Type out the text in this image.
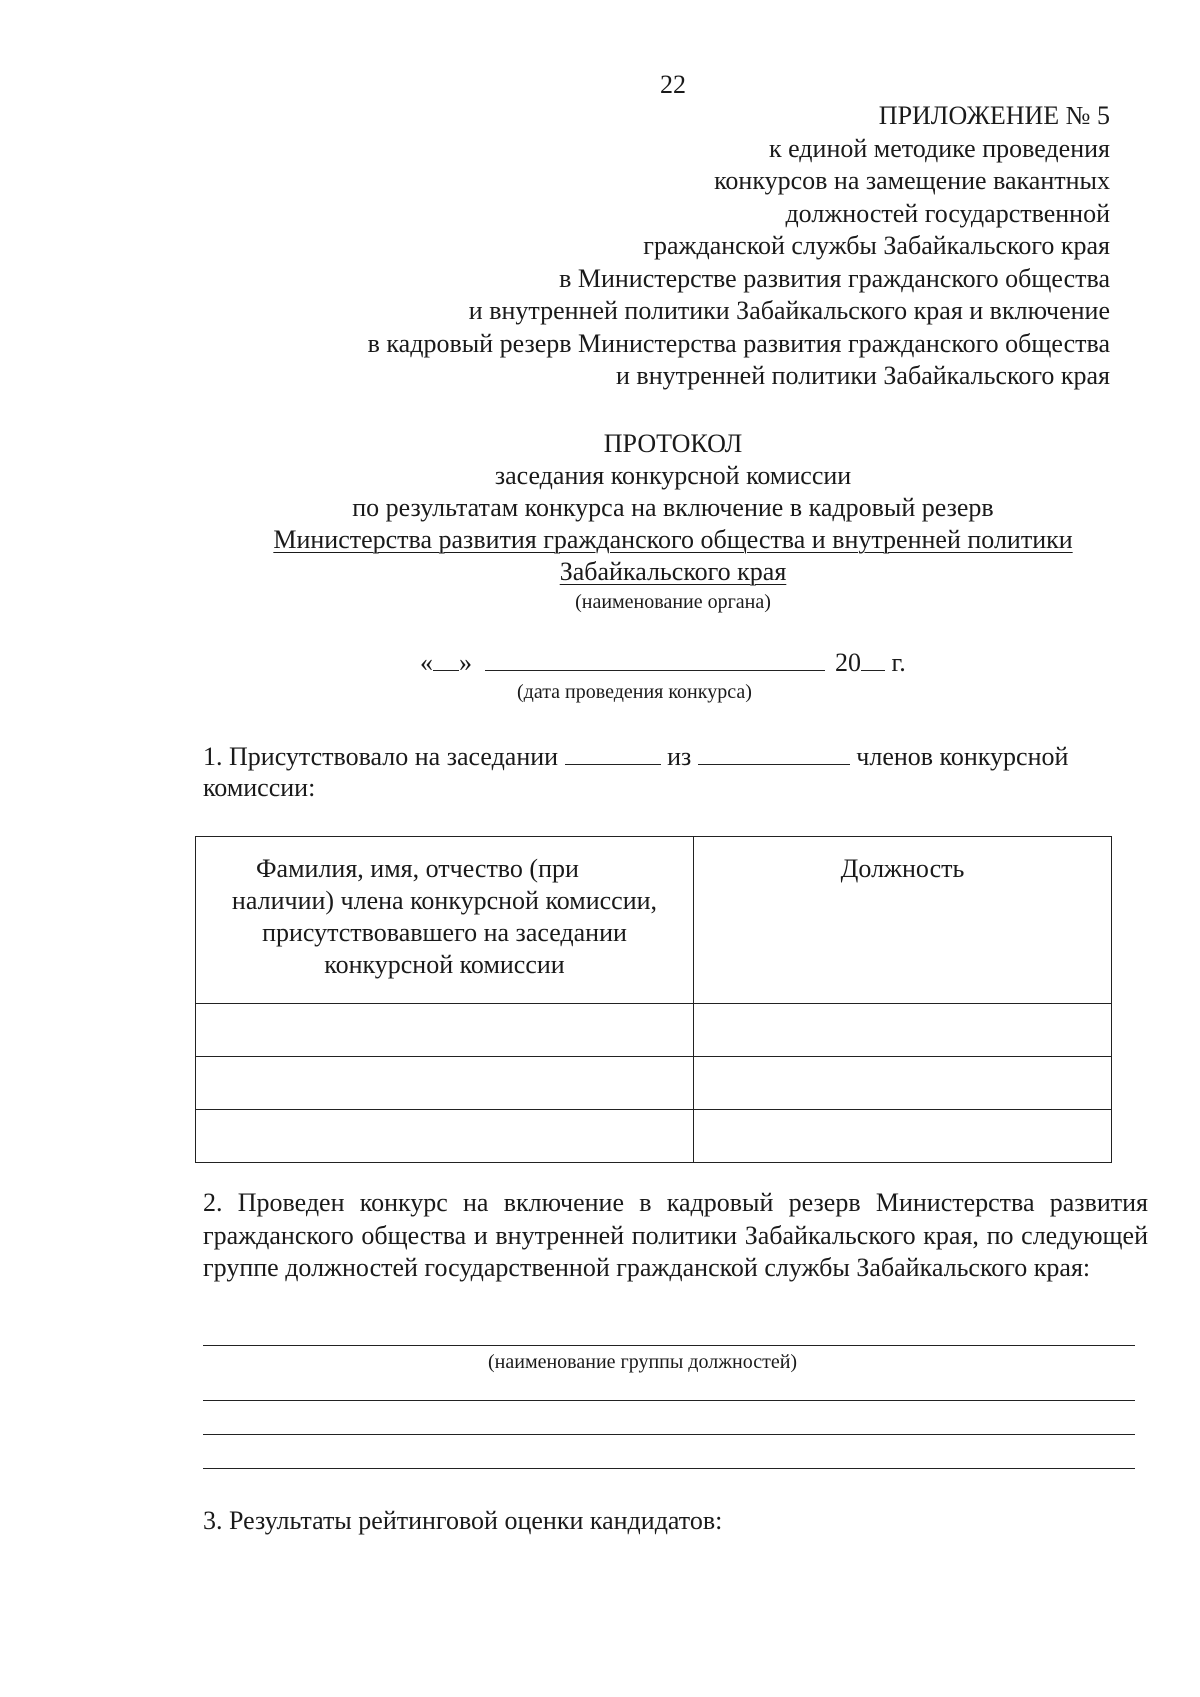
22
ПРИЛОЖЕНИЕ № 5
к единой методике проведения
конкурсов на замещение вакантных
должностей государственной
гражданской службы Забайкальского края
в Министерстве развития гражданского общества
и внутренней политики Забайкальского края и включение
в кадровый резерв Министерства развития гражданского общества
и внутренней политики Забайкальского края
ПРОТОКОЛ
заседания конкурсной комиссии
по результатам конкурса на включение в кадровый резерв
Министерства развития гражданского общества и внутренней политики
Забайкальского края
(наименование органа)
« »	20 г.
(дата проведения конкурса)
1. Присутствовало на заседании	из	членов конкурсной
комиссии:
Фамилия, имя, отчество (при
наличии) члена конкурсной комиссии,
присутствовавшего на заседании
конкурсной комиссии	Должность

2. Проведен конкурс на включение в кадровый резерв Министерства развития гражданского общества и внутренней политики Забайкальского края, по следующей группе должностей государственной гражданской службы Забайкальского края:
(наименование группы должностей)
3. Результаты рейтинговой оценки кандидатов:
